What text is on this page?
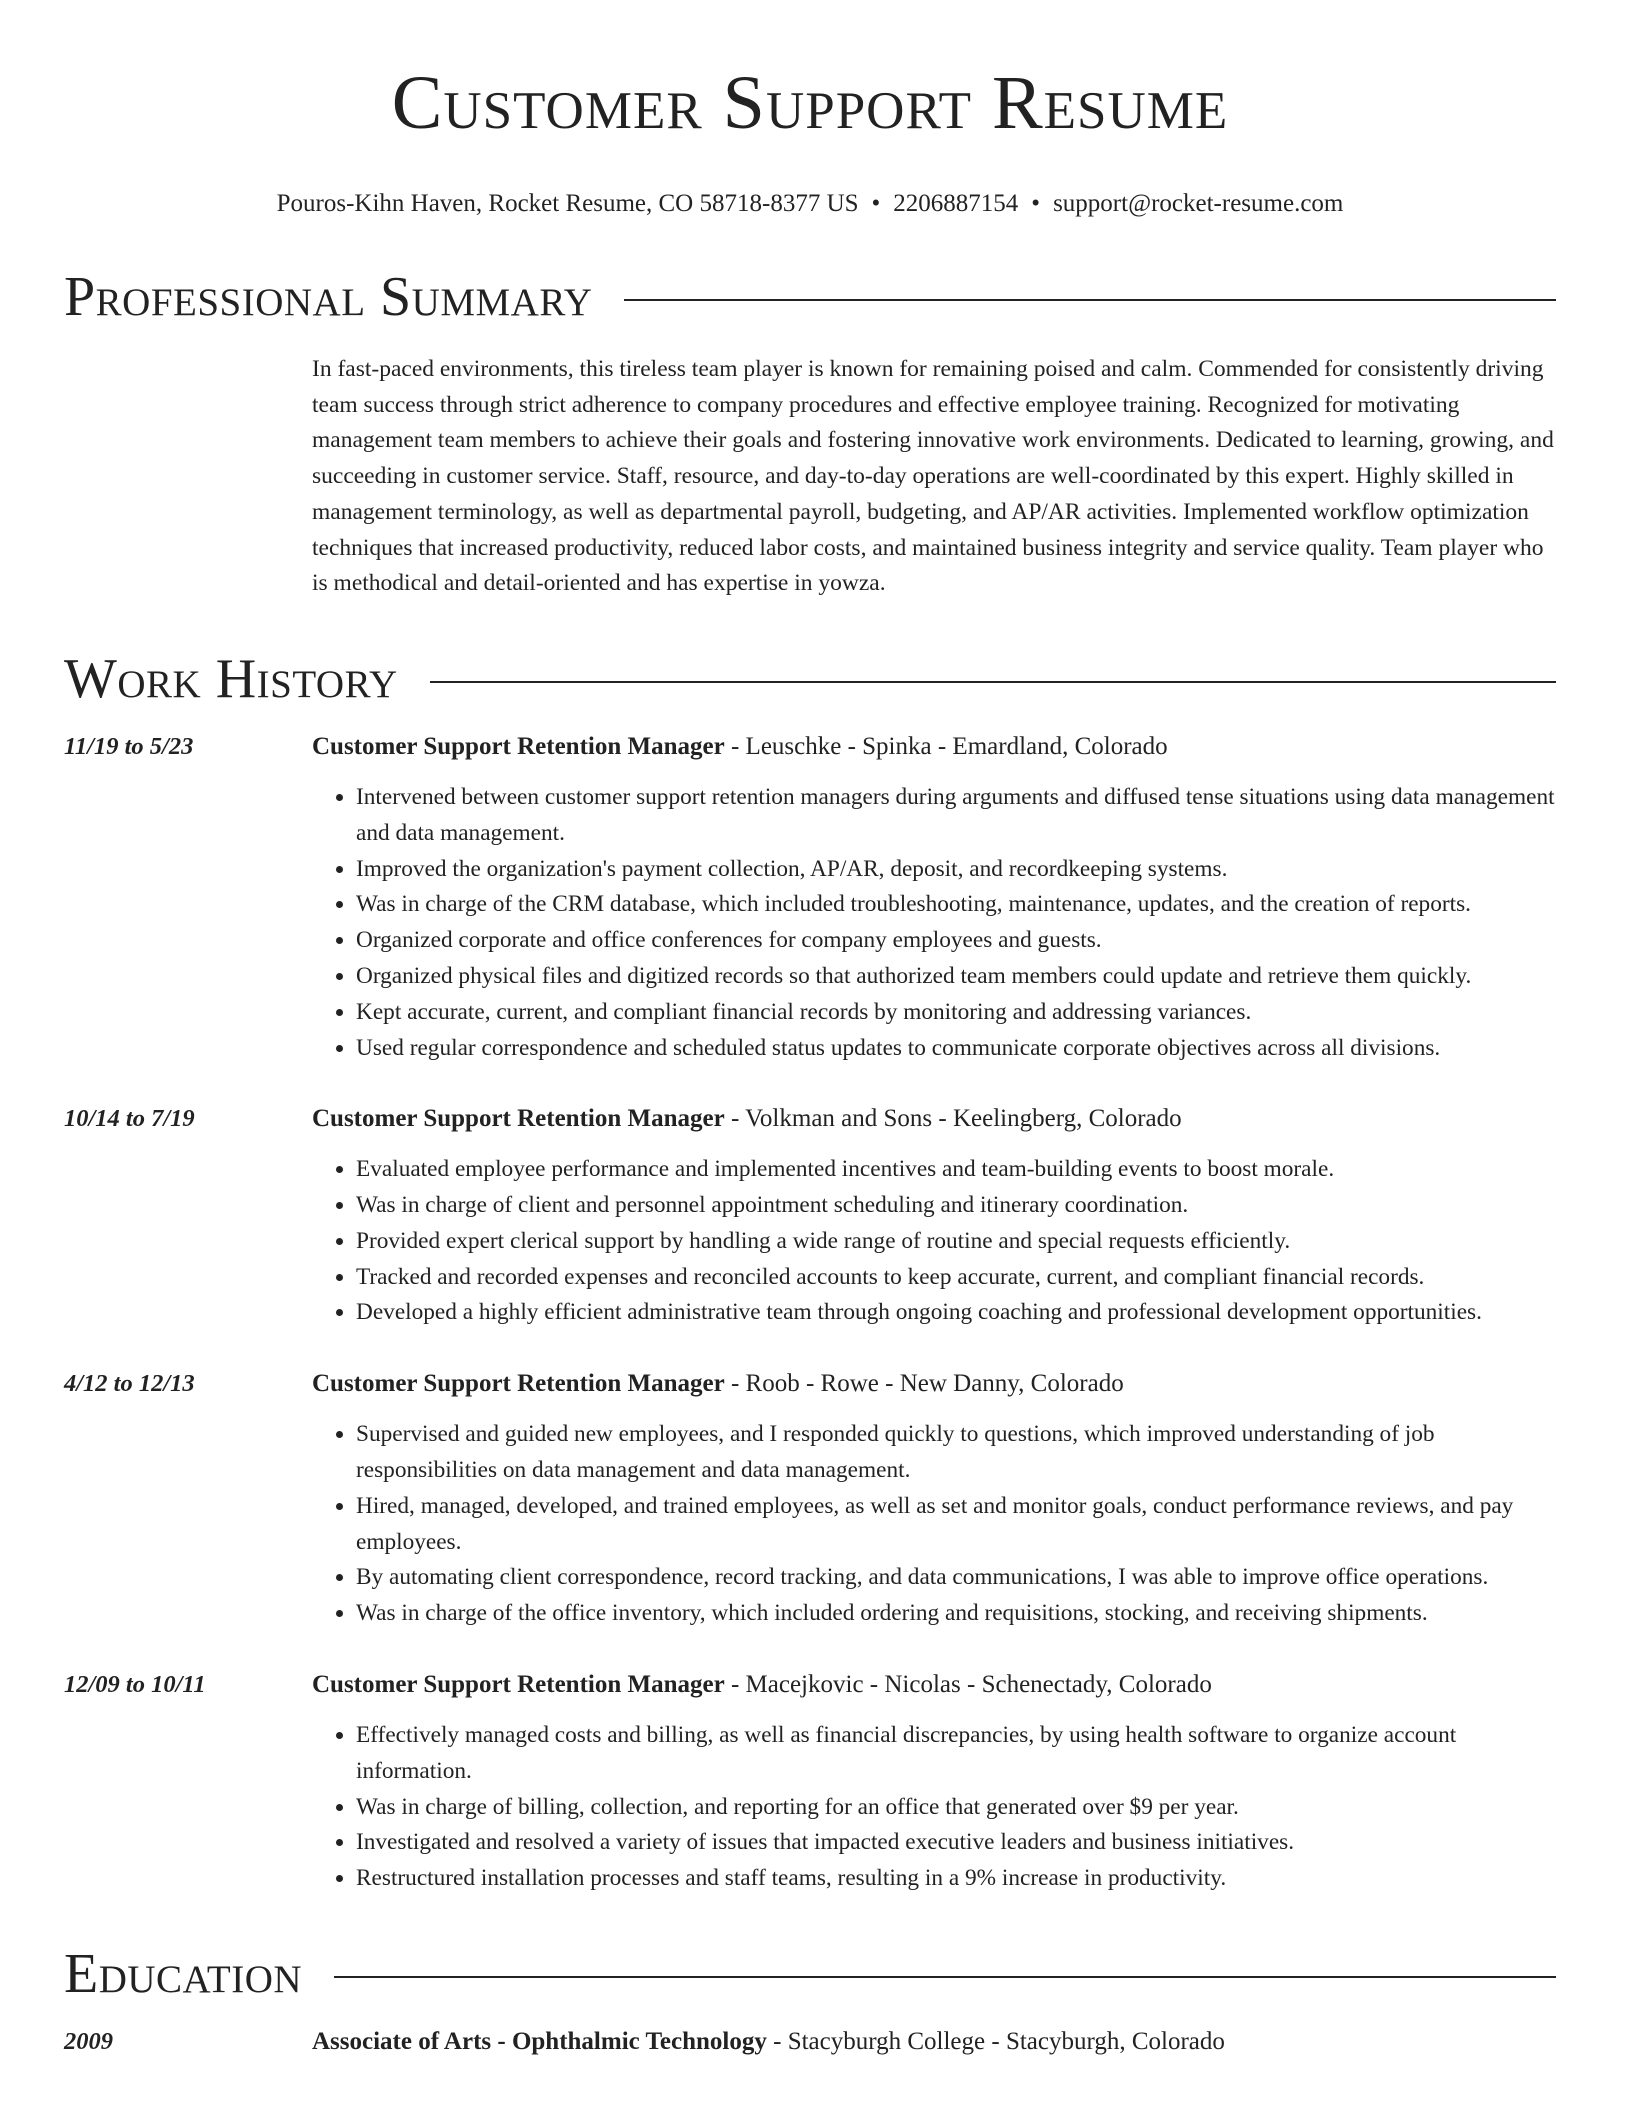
Customer Support Resume
Pouros-Kihn Haven, Rocket Resume, CO 58718-8377 US • 2206887154 • support@rocket-resume.com
Professional Summary
In fast-paced environments, this tireless team player is known for remaining poised and calm. Commended for consistently driving team success through strict adherence to company procedures and effective employee training. Recognized for motivating management team members to achieve their goals and fostering innovative work environments. Dedicated to learning, growing, and succeeding in customer service. Staff, resource, and day-to-day operations are well-coordinated by this expert. Highly skilled in management terminology, as well as departmental payroll, budgeting, and AP/AR activities. Implemented workflow optimization techniques that increased productivity, reduced labor costs, and maintained business integrity and service quality. Team player who is methodical and detail-oriented and has expertise in yowza.
Work History
11/19 to 5/23	Customer Support Retention Manager - Leuschke - Spinka - Emardland, Colorado
• Intervened between customer support retention managers during arguments and diffused tense situations using data management and data management.
• Improved the organization's payment collection, AP/AR, deposit, and recordkeeping systems.
• Was in charge of the CRM database, which included troubleshooting, maintenance, updates, and the creation of reports.
• Organized corporate and office conferences for company employees and guests.
• Organized physical files and digitized records so that authorized team members could update and retrieve them quickly.
• Kept accurate, current, and compliant financial records by monitoring and addressing variances.
• Used regular correspondence and scheduled status updates to communicate corporate objectives across all divisions.
10/14 to 7/19	Customer Support Retention Manager - Volkman and Sons - Keelingberg, Colorado
• Evaluated employee performance and implemented incentives and team-building events to boost morale.
• Was in charge of client and personnel appointment scheduling and itinerary coordination.
• Provided expert clerical support by handling a wide range of routine and special requests efficiently.
• Tracked and recorded expenses and reconciled accounts to keep accurate, current, and compliant financial records.
• Developed a highly efficient administrative team through ongoing coaching and professional development opportunities.
4/12 to 12/13	Customer Support Retention Manager - Roob - Rowe - New Danny, Colorado
• Supervised and guided new employees, and I responded quickly to questions, which improved understanding of job responsibilities on data management and data management.
• Hired, managed, developed, and trained employees, as well as set and monitor goals, conduct performance reviews, and pay employees.
• By automating client correspondence, record tracking, and data communications, I was able to improve office operations.
• Was in charge of the office inventory, which included ordering and requisitions, stocking, and receiving shipments.
12/09 to 10/11	Customer Support Retention Manager - Macejkovic - Nicolas - Schenectady, Colorado
• Effectively managed costs and billing, as well as financial discrepancies, by using health software to organize account information.
• Was in charge of billing, collection, and reporting for an office that generated over $9 per year.
• Investigated and resolved a variety of issues that impacted executive leaders and business initiatives.
• Restructured installation processes and staff teams, resulting in a 9% increase in productivity.
Education
2009	Associate of Arts - Ophthalmic Technology - Stacyburgh College - Stacyburgh, Colorado
